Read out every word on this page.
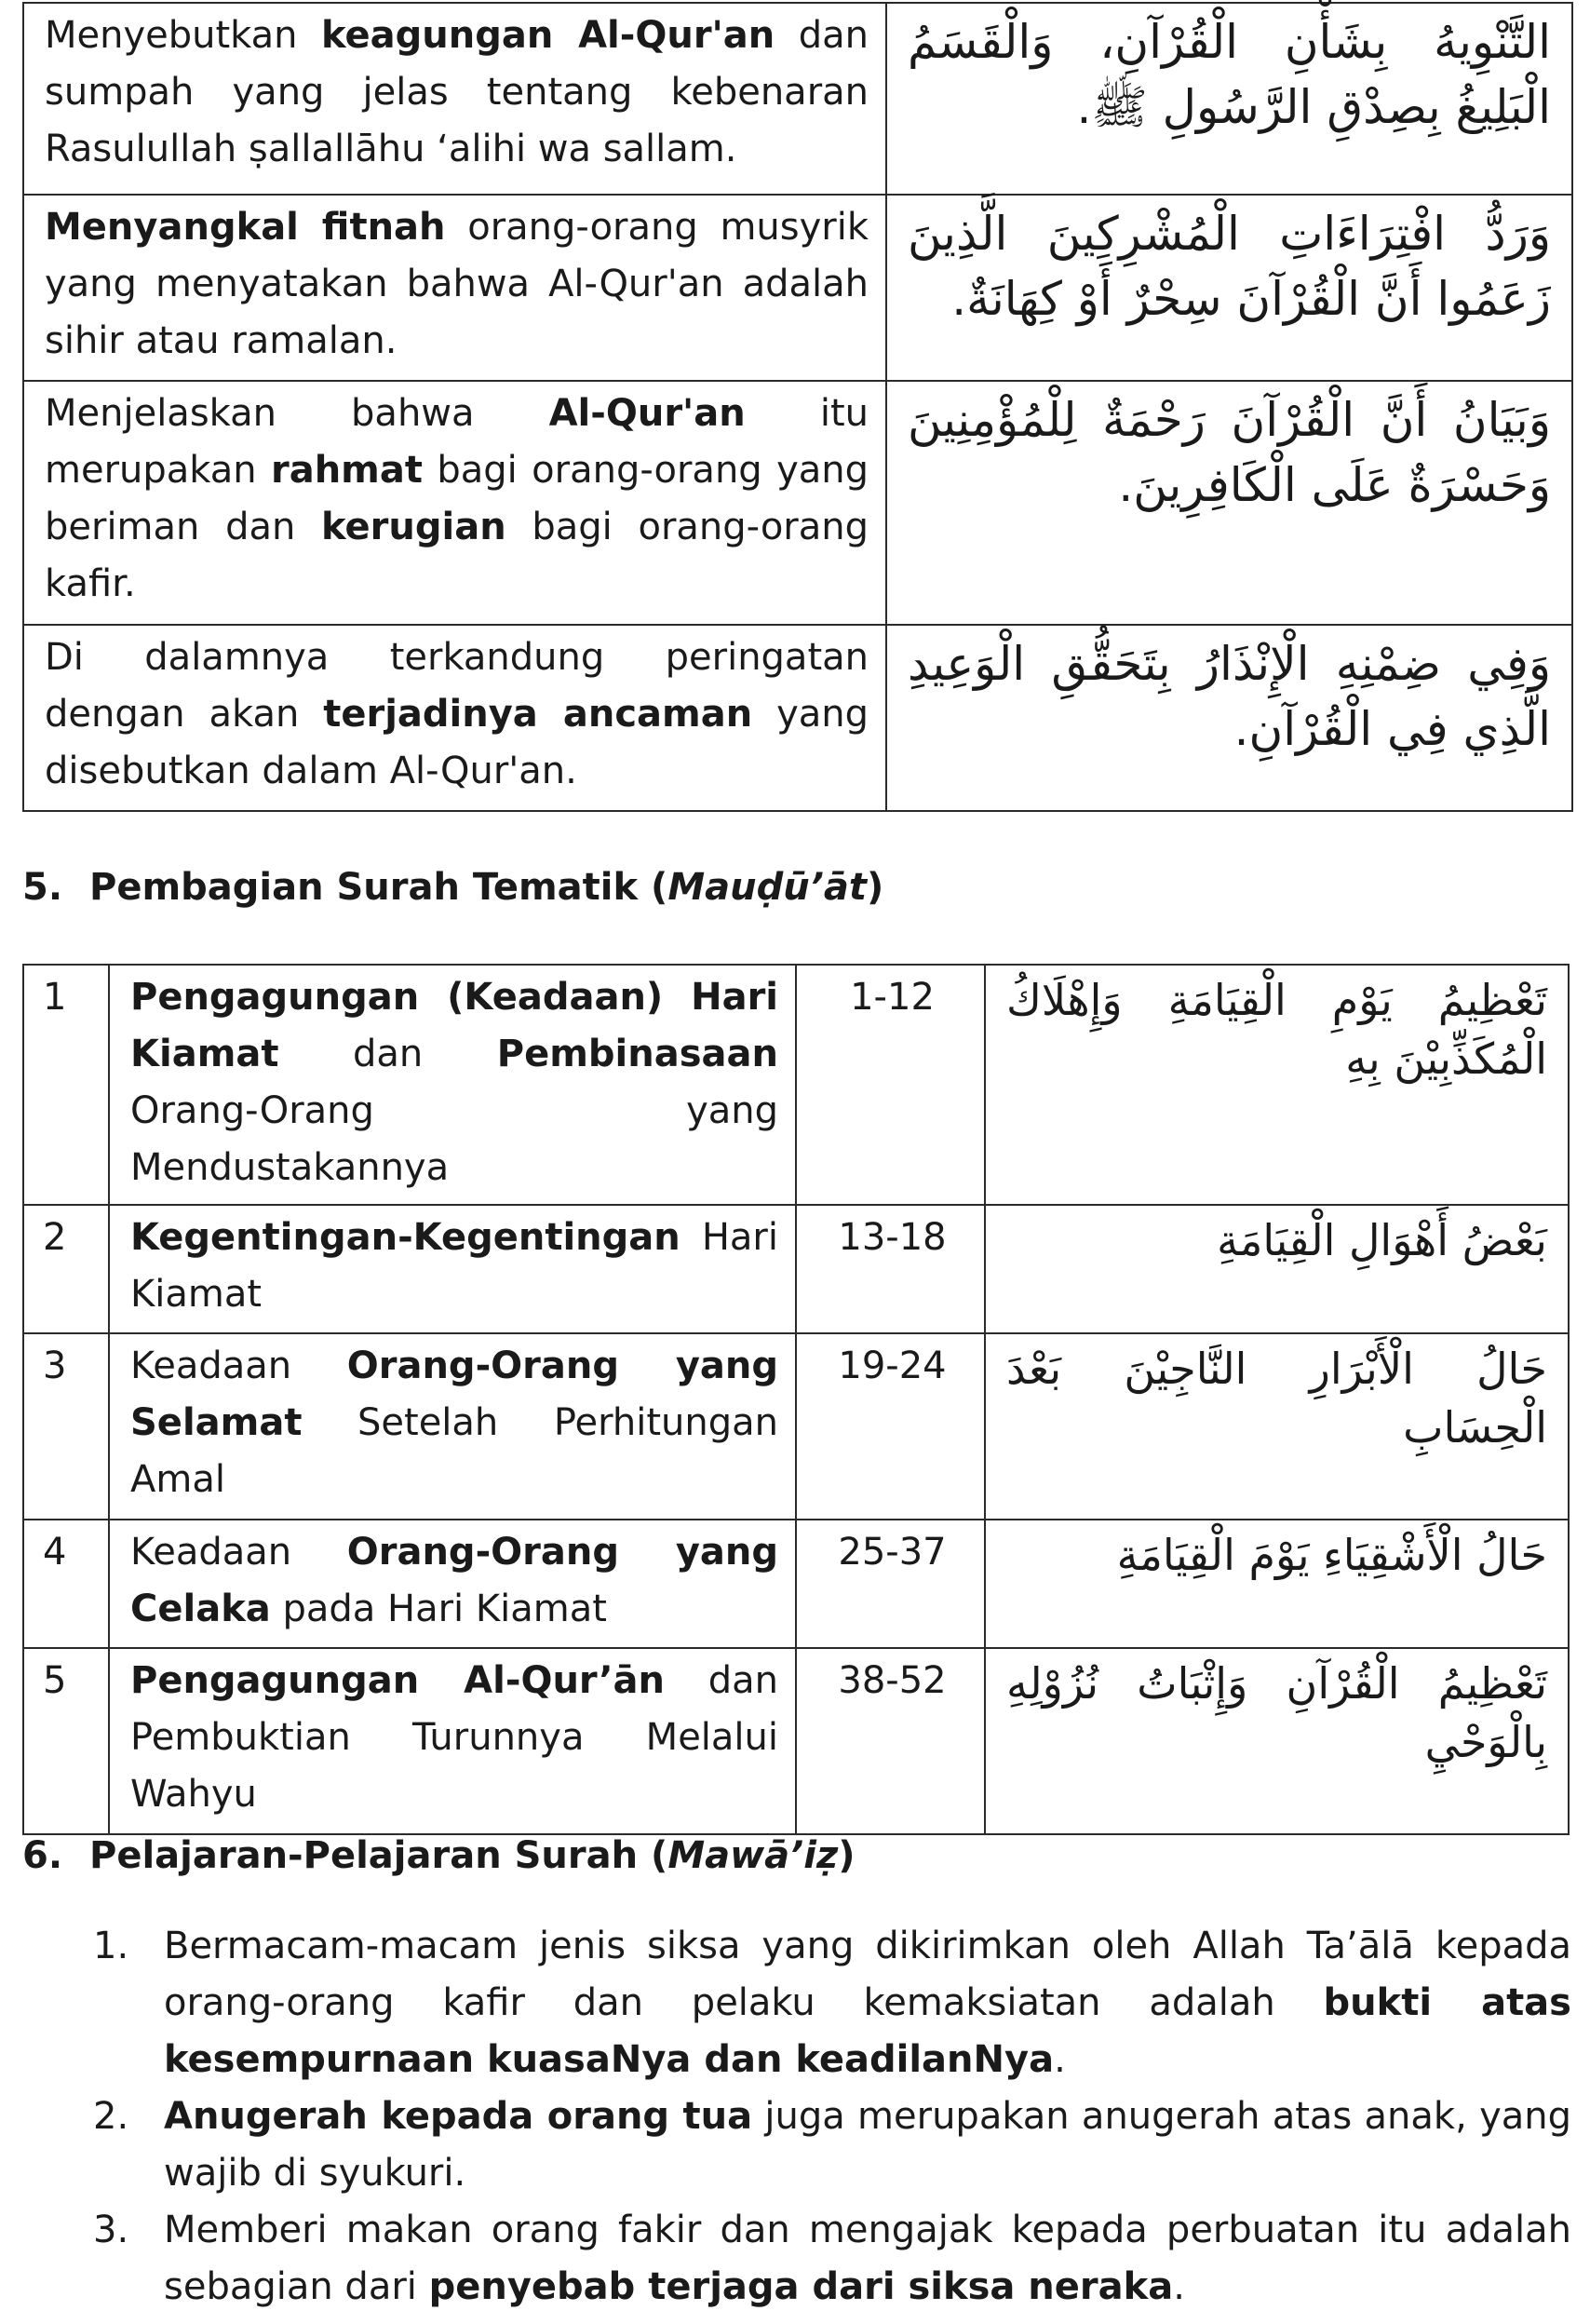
Menyebutkan keagungan Al-Qur'an dan sumpah yang jelas tentang kebenaran Rasulullah ṣallallāhu ‘alihi wa sallam.	التَّنْوِيهُ بِشَأْنِ الْقُرْآنِ، وَالْقَسَمُ الْبَلِيغُ بِصِدْقِ الرَّسُولِ ﷺ.
Menyangkal fitnah orang-orang musyrik yang menyatakan bahwa Al-Qur'an adalah sihir atau ramalan.	وَرَدُّ افْتِرَاءَاتِ الْمُشْرِكِينَ الَّذِينَ زَعَمُوا أَنَّ الْقُرْآنَ سِحْرٌ أَوْ كِهَانَةٌ.
Menjelaskan bahwa Al-Qur'an itu merupakan rahmat bagi orang-orang yang beriman dan kerugian bagi orang-orang kafir.	وَبَيَانُ أَنَّ الْقُرْآنَ رَحْمَةٌ لِلْمُؤْمِنِينَ وَحَسْرَةٌ عَلَى الْكَافِرِينَ.
Di dalamnya terkandung peringatan dengan akan terjadinya ancaman yang disebutkan dalam Al-Qur'an.	وَفِي ضِمْنِهِ الْإِنْذَارُ بِتَحَقُّقِ الْوَعِيدِ الَّذِي فِي الْقُرْآنِ.
5. Pembagian Surah Tematik (Mauḍū’āt)
1	Pengagungan (Keadaan) Hari Kiamat dan Pembinasaan Orang-Orang yang Mendustakannya	1-12	تَعْظِيمُ يَوْمِ الْقِيَامَةِ وَإِهْلَاكُ الْمُكَذِّبِيْنَ بِهِ
2	Kegentingan-Kegentingan Hari Kiamat	13-18	بَعْضُ أَهْوَالِ الْقِيَامَةِ
3	Keadaan Orang-Orang yang Selamat Setelah Perhitungan Amal	19-24	حَالُ الْأَبْرَارِ النَّاجِيْنَ بَعْدَ الْحِسَابِ
4	Keadaan Orang-Orang yang Celaka pada Hari Kiamat	25-37	حَالُ الْأَشْقِيَاءِ يَوْمَ الْقِيَامَةِ
5	Pengagungan Al-Qur’ān dan Pembuktian Turunnya Melalui Wahyu	38-52	تَعْظِيمُ الْقُرْآنِ وَإِثْبَاتُ نُزُوْلِهِ بِالْوَحْيِ
6. Pelajaran-Pelajaran Surah (Mawā’iẓ)
1. Bermacam-macam jenis siksa yang dikirimkan oleh Allah Ta’ālā kepada orang-orang kafir dan pelaku kemaksiatan adalah bukti atas kesempurnaan kuasaNya dan keadilanNya.
2. Anugerah kepada orang tua juga merupakan anugerah atas anak, yang wajib di syukuri.
3. Memberi makan orang fakir dan mengajak kepada perbuatan itu adalah sebagian dari penyebab terjaga dari siksa neraka.
